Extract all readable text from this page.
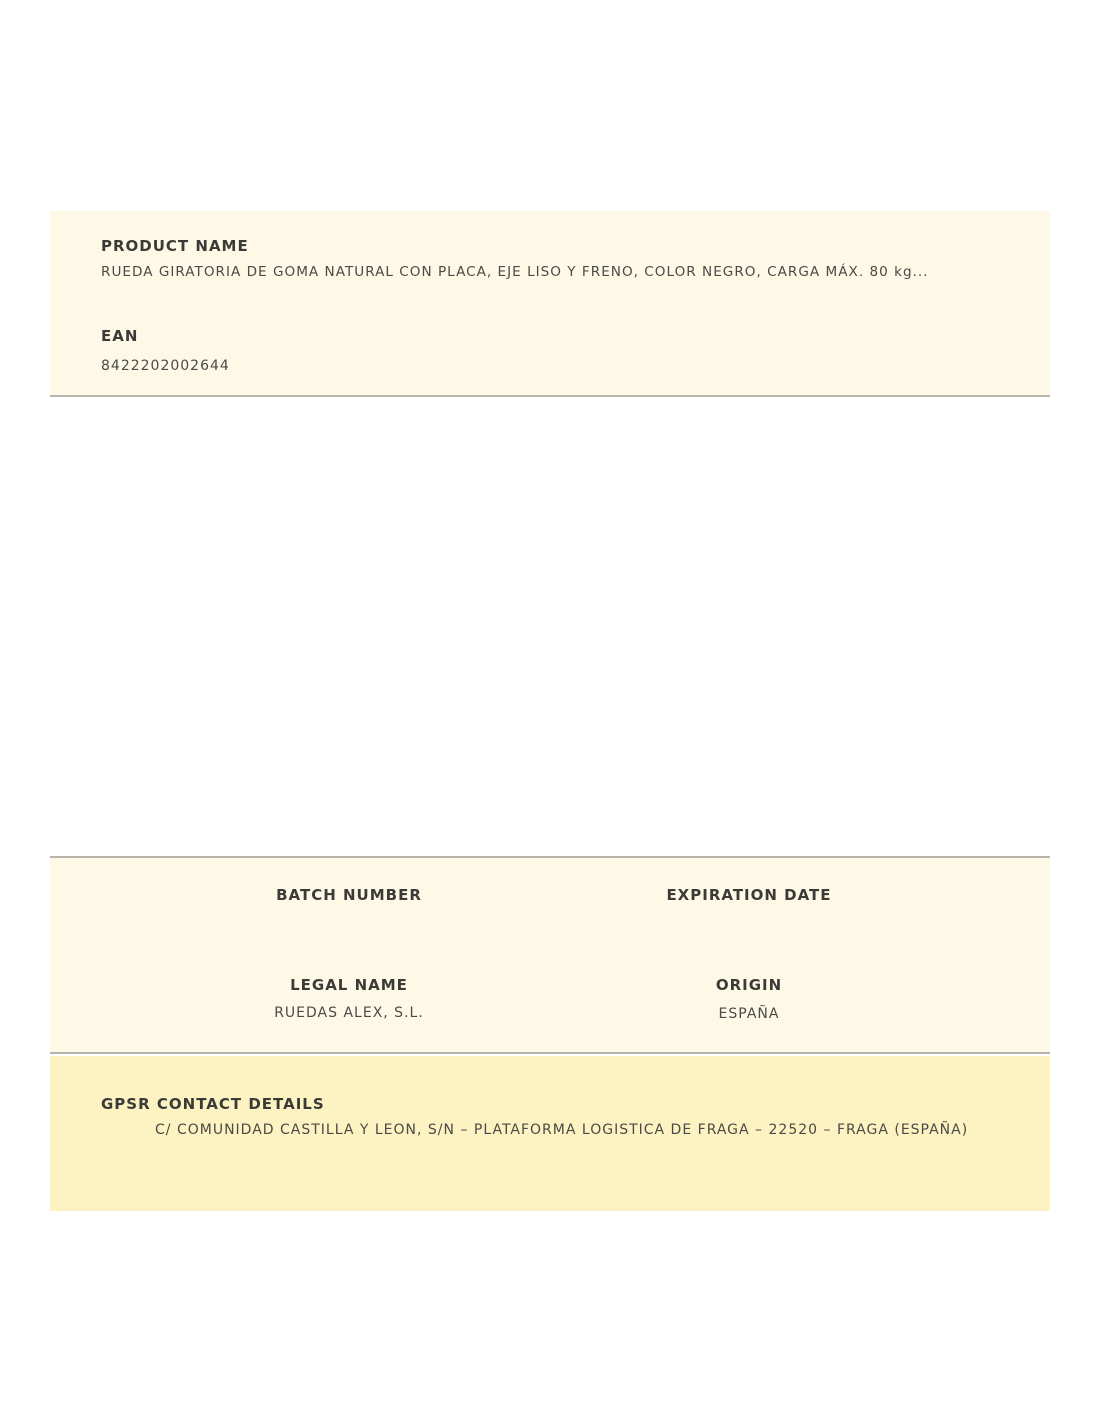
PRODUCT NAME
RUEDA GIRATORIA DE GOMA NATURAL CON PLACA, EJE LISO Y FRENO, COLOR NEGRO, CARGA MÁX. 80 kg...
EAN
8422202002644
BATCH NUMBER	EXPIRATION DATE
LEGAL NAME
RUEDAS ALEX, S.L.
ORIGIN
ESPAÑA
GPSR CONTACT DETAILS
C/ COMUNIDAD CASTILLA Y LEON, S/N – PLATAFORMA LOGISTICA DE FRAGA – 22520 – FRAGA (ESPAÑA)
